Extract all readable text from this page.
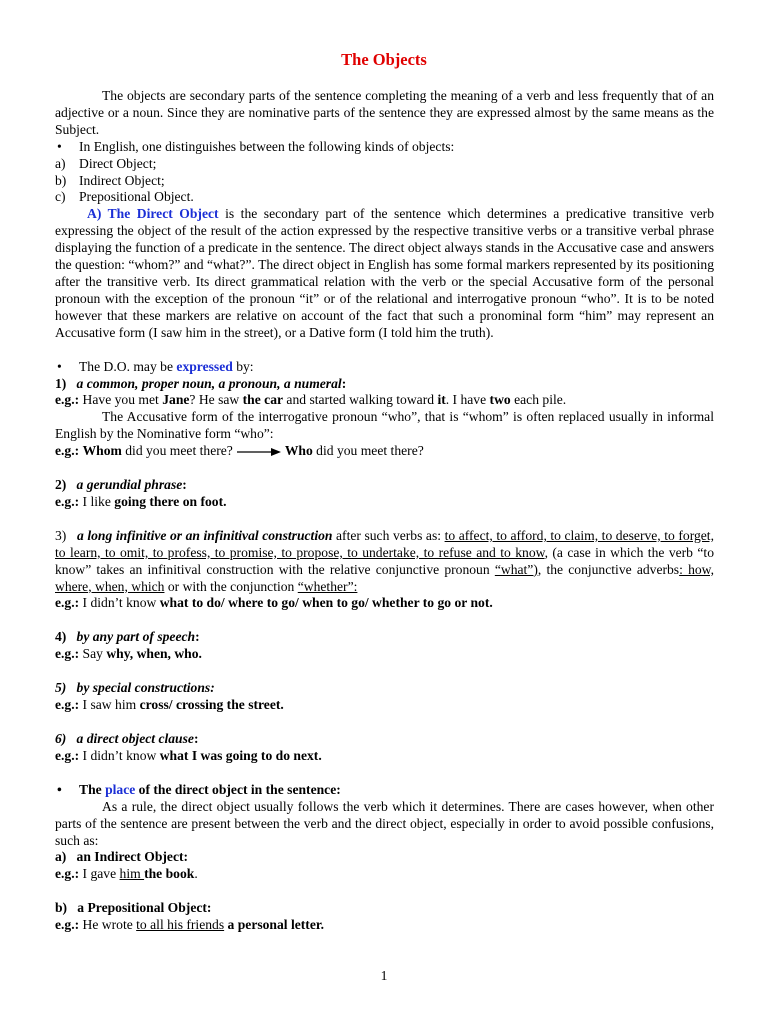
The Objects

The objects are secondary parts of the sentence completing the meaning of a verb and less frequently that of an adjective or a noun. Since they are nominative parts of the sentence they are expressed almost by the same means as the Subject.

• In English, one distinguishes between the following kinds of objects:
a) Direct Object;
b) Indirect Object;
c) Prepositional Object.

A) The Direct Object is the secondary part of the sentence which determines a predicative transitive verb expressing the object of the result of the action expressed by the respective transitive verbs or a transitive verbal phrase displaying the function of a predicate in the sentence. The direct object always stands in the Accusative case and answers the question: “whom?” and “what?”. The direct object in English has some formal markers represented by its positioning after the transitive verb. Its direct grammatical relation with the verb or the special Accusative form of the personal pronoun with the exception of the pronoun “it” or of the relational and interrogative pronoun “who”. It is to be noted however that these markers are relative on account of the fact that such a pronominal form “him” may represent an Accusative form (I saw him in the street), or a Dative form (I told him the truth).

• The D.O. may be expressed by:

1) a common, proper noun, a pronoun, a numeral:

e.g.: Have you met Jane? He saw the car and started walking toward it. I have two each pile.

The Accusative form of the interrogative pronoun “who”, that is “whom” is often replaced usually in informal English by the Nominative form “who”:

e.g.: Whom did you meet there?	Who did you meet there?

2) a gerundial phrase:

e.g.: I like going there on foot.

3) a long infinitive or an infinitival construction after such verbs as: to affect, to afford, to claim, to deserve, to forget, to learn, to omit, to profess, to promise, to propose, to undertake, to refuse and to know, (a case in which the verb “to know” takes an infinitival construction with the relative conjunctive pronoun “what”), the conjunctive adverbs: how, where, when, which or with the conjunction “whether”:

e.g.: I didn’t know what to do/ where to go/ when to go/ whether to go or not.

4) by any part of speech:

e.g.: Say why, when, who.

5) by special constructions:

e.g.: I saw him cross/ crossing the street.

6) a direct object clause:

e.g.: I didn’t know what I was going to do next.

• The place of the direct object in the sentence:

As a rule, the direct object usually follows the verb which it determines. There are cases however, when other parts of the sentence are present between the verb and the direct object, especially in order to avoid possible confusions, such as:

a) an Indirect Object:

e.g.: I gave him the book.

b) a Prepositional Object:

e.g.: He wrote to all his friends a personal letter.

1
